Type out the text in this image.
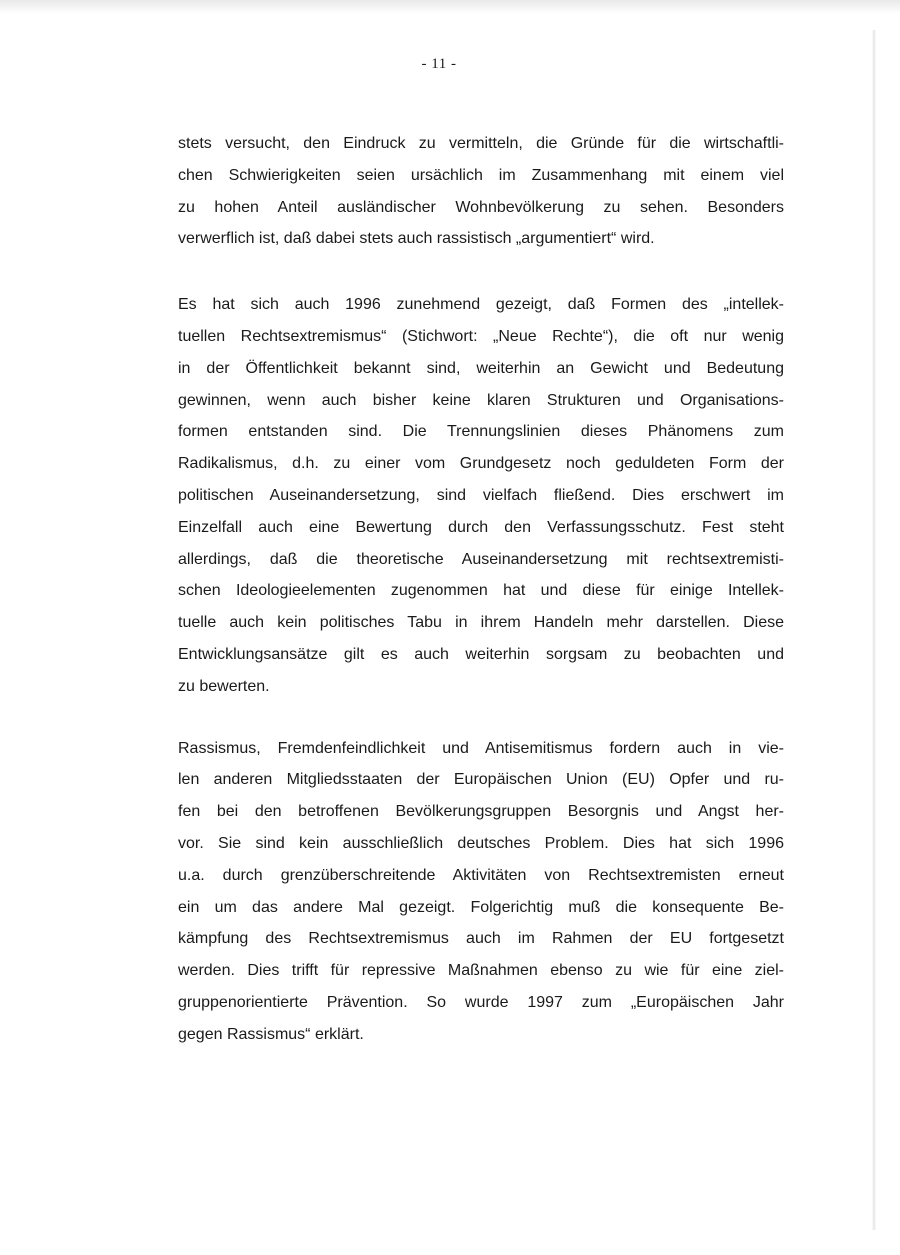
- 11 -

stets versucht, den Eindruck zu vermitteln, die Gründe für die wirtschaftli-
chen Schwierigkeiten seien ursächlich im Zusammenhang mit einem viel
zu hohen Anteil ausländischer Wohnbevölkerung zu sehen. Besonders
verwerflich ist, daß dabei stets auch rassistisch „argumentiert“ wird.

Es hat sich auch 1996 zunehmend gezeigt, daß Formen des „intellek-
tuellen Rechtsextremismus“ (Stichwort: „Neue Rechte“), die oft nur wenig
in der Öffentlichkeit bekannt sind, weiterhin an Gewicht und Bedeutung
gewinnen, wenn auch bisher keine klaren Strukturen und Organisations-
formen entstanden sind. Die Trennungslinien dieses Phänomens zum
Radikalismus, d.h. zu einer vom Grundgesetz noch geduldeten Form der
politischen Auseinandersetzung, sind vielfach fließend. Dies erschwert im
Einzelfall auch eine Bewertung durch den Verfassungsschutz. Fest steht
allerdings, daß die theoretische Auseinandersetzung mit rechtsextremisti-
schen Ideologieelementen zugenommen hat und diese für einige Intellek-
tuelle auch kein politisches Tabu in ihrem Handeln mehr darstellen. Diese
Entwicklungsansätze gilt es auch weiterhin sorgsam zu beobachten und
zu bewerten.

Rassismus, Fremdenfeindlichkeit und Antisemitismus fordern auch in vie-
len anderen Mitgliedsstaaten der Europäischen Union (EU) Opfer und ru-
fen bei den betroffenen Bevölkerungsgruppen Besorgnis und Angst her-
vor. Sie sind kein ausschließlich deutsches Problem. Dies hat sich 1996
u.a. durch grenzüberschreitende Aktivitäten von Rechtsextremisten erneut
ein um das andere Mal gezeigt. Folgerichtig muß die konsequente Be-
kämpfung des Rechtsextremismus auch im Rahmen der EU fortgesetzt
werden. Dies trifft für repressive Maßnahmen ebenso zu wie für eine ziel-
gruppenorientierte Prävention. So wurde 1997 zum „Europäischen Jahr
gegen Rassismus“ erklärt.
